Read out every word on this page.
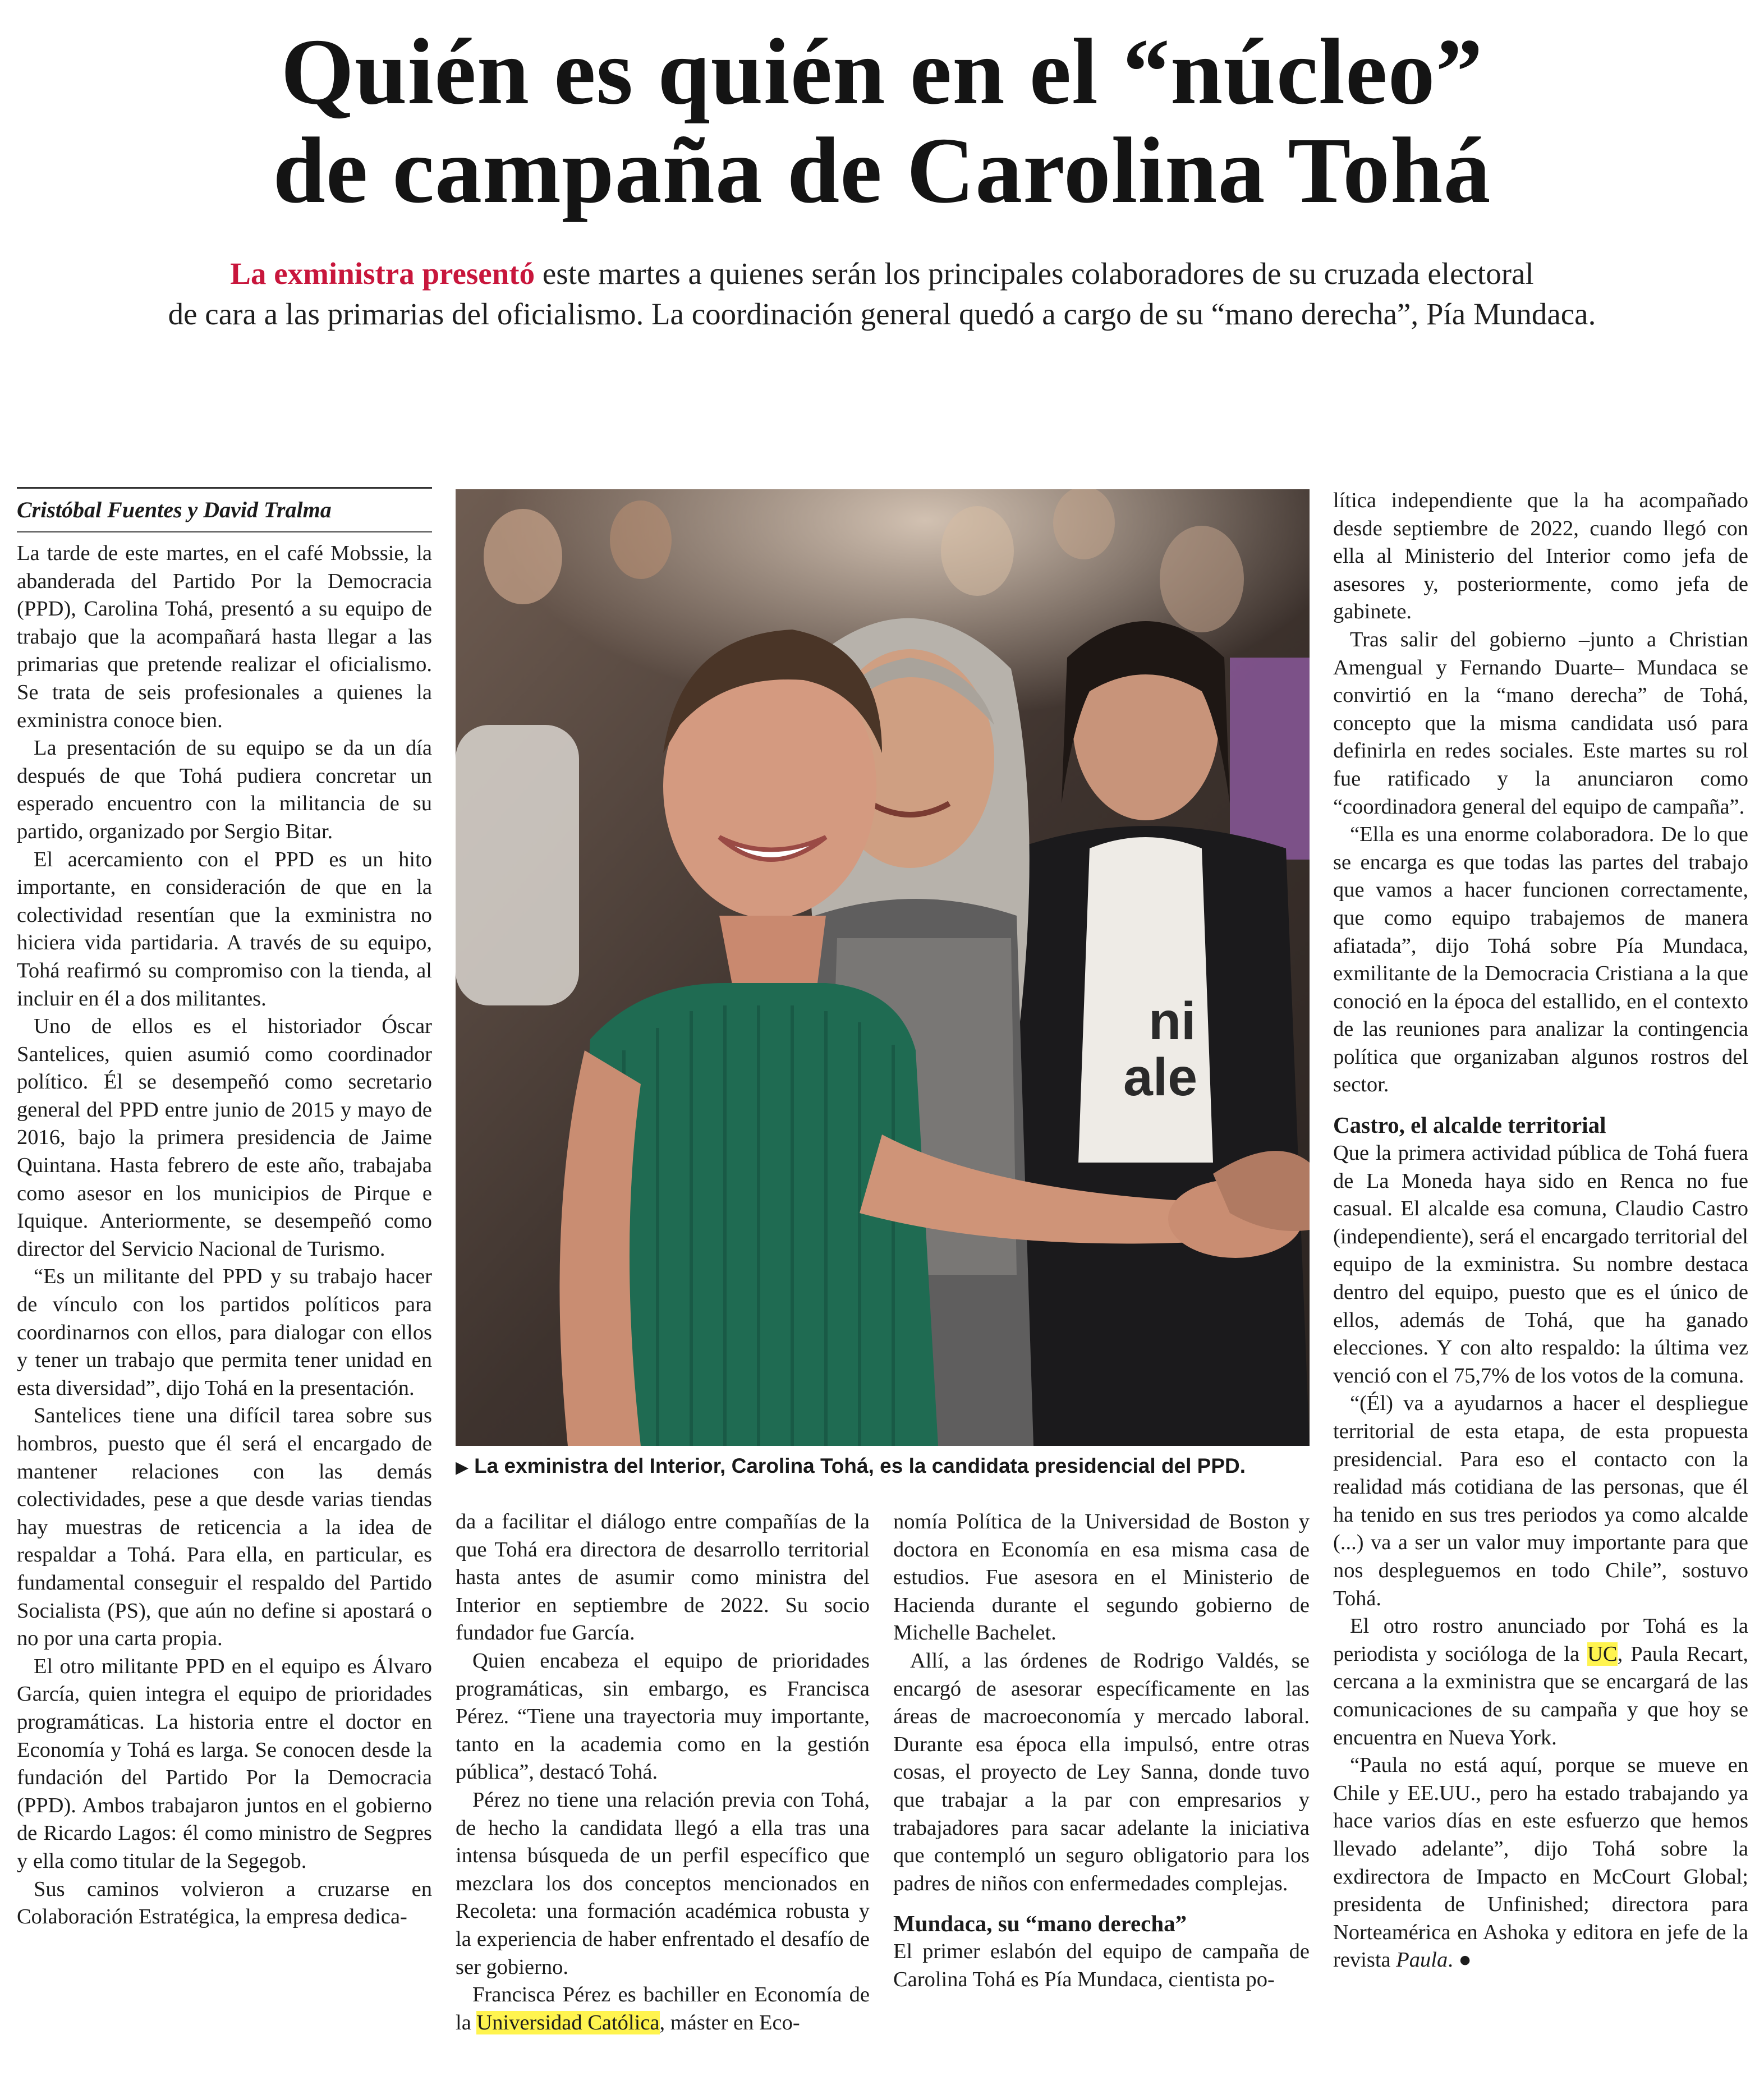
Quién es quién en el “núcleo”
de campaña de Carolina Tohá
La exministra presentó este martes a quienes serán los principales colaboradores de su cruzada electoral
de cara a las primarias del oficialismo. La coordinación general quedó a cargo de su “mano derecha”, Pía Mundaca.
Cristóbal Fuentes y David Tralma

La tarde de este martes, en el café Mobssie, la abanderada del Partido Por la Democracia (PPD), Carolina Tohá, presentó a su equipo de trabajo que la acompañará hasta llegar a las primarias que pretende realizar el oficialismo. Se trata de seis profesionales a quienes la exministra conoce bien.

La presentación de su equipo se da un día después de que Tohá pudiera concretar un esperado encuentro con la militancia de su partido, organizado por Sergio Bitar.

El acercamiento con el PPD es un hito importante, en consideración de que en la colectividad resentían que la exministra no hiciera vida partidaria. A través de su equipo, Tohá reafirmó su compromiso con la tienda, al incluir en él a dos militantes.

Uno de ellos es el historiador Óscar Santelices, quien asumió como coordinador político. Él se desempeñó como secretario general del PPD entre junio de 2015 y mayo de 2016, bajo la primera presidencia de Jaime Quintana. Hasta febrero de este año, trabajaba como asesor en los municipios de Pirque e Iquique. Anteriormente, se desempeñó como director del Servicio Nacional de Turismo.

“Es un militante del PPD y su trabajo hacer de vínculo con los partidos políticos para coordinarnos con ellos, para dialogar con ellos y tener un trabajo que permita tener unidad en esta diversidad”, dijo Tohá en la presentación.

Santelices tiene una difícil tarea sobre sus hombros, puesto que él será el encargado de mantener relaciones con las demás colectividades, pese a que desde varias tiendas hay muestras de reticencia a la idea de respaldar a Tohá. Para ella, en particular, es fundamental conseguir el respaldo del Partido Socialista (PS), que aún no define si apostará o no por una carta propia.

El otro militante PPD en el equipo es Álvaro García, quien integra el equipo de prioridades programáticas. La historia entre el doctor en Economía y Tohá es larga. Se conocen desde la fundación del Partido Por la Democracia (PPD). Ambos trabajaron juntos en el gobierno de Ricardo Lagos: él como ministro de Segpres y ella como titular de la Segegob.

Sus caminos volvieron a cruzarse en Colaboración Estratégica, la empresa dedica-

ni
ale
▶ La exministra del Interior, Carolina Tohá, es la candidata presidencial del PPD.

da a facilitar el diálogo entre compañías de la que Tohá era directora de desarrollo territorial hasta antes de asumir como ministra del Interior en septiembre de 2022. Su socio fundador fue García.

Quien encabeza el equipo de prioridades programáticas, sin embargo, es Francisca Pérez. “Tiene una trayectoria muy importante, tanto en la academia como en la gestión pública”, destacó Tohá.

Pérez no tiene una relación previa con Tohá, de hecho la candidata llegó a ella tras una intensa búsqueda de un perfil específico que mezclara los dos conceptos mencionados en Recoleta: una formación académica robusta y la experiencia de haber enfrentado el desafío de ser gobierno.

Francisca Pérez es bachiller en Economía de la Universidad Católica, máster en Eco-

nomía Política de la Universidad de Boston y doctora en Economía en esa misma casa de estudios. Fue asesora en el Ministerio de Hacienda durante el segundo gobierno de Michelle Bachelet.

Allí, a las órdenes de Rodrigo Valdés, se encargó de asesorar específicamente en las áreas de macroeconomía y mercado laboral. Durante esa época ella impulsó, entre otras cosas, el proyecto de Ley Sanna, donde tuvo que trabajar a la par con empresarios y trabajadores para sacar adelante la iniciativa que contempló un seguro obligatorio para los padres de niños con enfermedades complejas.

Mundaca, su “mano derecha”

El primer eslabón del equipo de campaña de Carolina Tohá es Pía Mundaca, cientista po-

lítica independiente que la ha acompañado desde septiembre de 2022, cuando llegó con ella al Ministerio del Interior como jefa de asesores y, posteriormente, como jefa de gabinete.

Tras salir del gobierno –junto a Christian Amengual y Fernando Duarte– Mundaca se convirtió en la “mano derecha” de Tohá, concepto que la misma candidata usó para definirla en redes sociales. Este martes su rol fue ratificado y la anunciaron como “coordinadora general del equipo de campaña”.

“Ella es una enorme colaboradora. De lo que se encarga es que todas las partes del trabajo que vamos a hacer funcionen correctamente, que como equipo trabajemos de manera afiatada”, dijo Tohá sobre Pía Mundaca, exmilitante de la Democracia Cristiana a la que conoció en la época del estallido, en el contexto de las reuniones para analizar la contingencia política que organizaban algunos rostros del sector.

Castro, el alcalde territorial

Que la primera actividad pública de Tohá fuera de La Moneda haya sido en Renca no fue casual. El alcalde esa comuna, Claudio Castro (independiente), será el encargado territorial del equipo de la exministra. Su nombre destaca dentro del equipo, puesto que es el único de ellos, además de Tohá, que ha ganado elecciones. Y con alto respaldo: la última vez venció con el 75,7% de los votos de la comuna.

“(Él) va a ayudarnos a hacer el despliegue territorial de esta etapa, de esta propuesta presidencial. Para eso el contacto con la realidad más cotidiana de las personas, que él ha tenido en sus tres periodos ya como alcalde (...) va a ser un valor muy importante para que nos despleguemos en todo Chile”, sostuvo Tohá.

El otro rostro anunciado por Tohá es la periodista y socióloga de la UC, Paula Recart, cercana a la exministra que se encargará de las comunicaciones de su campaña y que hoy se encuentra en Nueva York.

“Paula no está aquí, porque se mueve en Chile y EE.UU., pero ha estado trabajando ya hace varios días en este esfuerzo que hemos llevado adelante”, dijo Tohá sobre la exdirectora de Impacto en McCourt Global; presidenta de Unfinished; directora para Norteamérica en Ashoka y editora en jefe de la revista Paula. ●
